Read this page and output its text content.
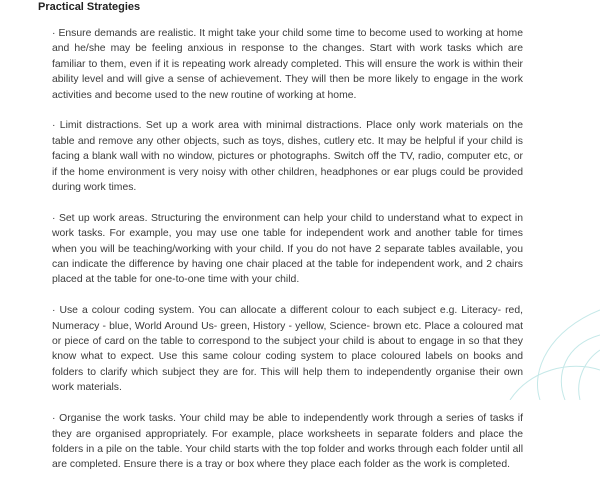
Practical Strategies

· Ensure demands are realistic. It might take your child some time to become used to working at home and he/she may be feeling anxious in response to the changes. Start with work tasks which are familiar to them, even if it is repeating work already completed. This will ensure the work is within their ability level and will give a sense of achievement. They will then be more likely to engage in the work activities and become used to the new routine of working at home.

· Limit distractions. Set up a work area with minimal distractions. Place only work materials on the table and remove any other objects, such as toys, dishes, cutlery etc. It may be helpful if your child is facing a blank wall with no window, pictures or photographs. Switch off the TV, radio, computer etc, or if the home environment is very noisy with other children, headphones or ear plugs could be provided during work times.

· Set up work areas. Structuring the environment can help your child to understand what to expect in work tasks. For example, you may use one table for independent work and another table for times when you will be teaching/working with your child. If you do not have 2 separate tables available, you can indicate the difference by having one chair placed at the table for independent work, and 2 chairs placed at the table for one-to-one time with your child.

· Use a colour coding system. You can allocate a different colour to each subject e.g. Literacy- red, Numeracy - blue, World Around Us- green, History - yellow, Science- brown etc. Place a coloured mat or piece of card on the table to correspond to the subject your child is about to engage in so that they know what to expect. Use this same colour coding system to place coloured labels on books and folders to clarify which subject they are for. This will help them to independently organise their own work materials.

· Organise the work tasks. Your child may be able to independently work through a series of tasks if they are organised appropriately. For example, place worksheets in separate folders and place the folders in a pile on the table. Your child starts with the top folder and works through each folder until all are completed. Ensure there is a tray or box where they place each folder as the work is completed.
